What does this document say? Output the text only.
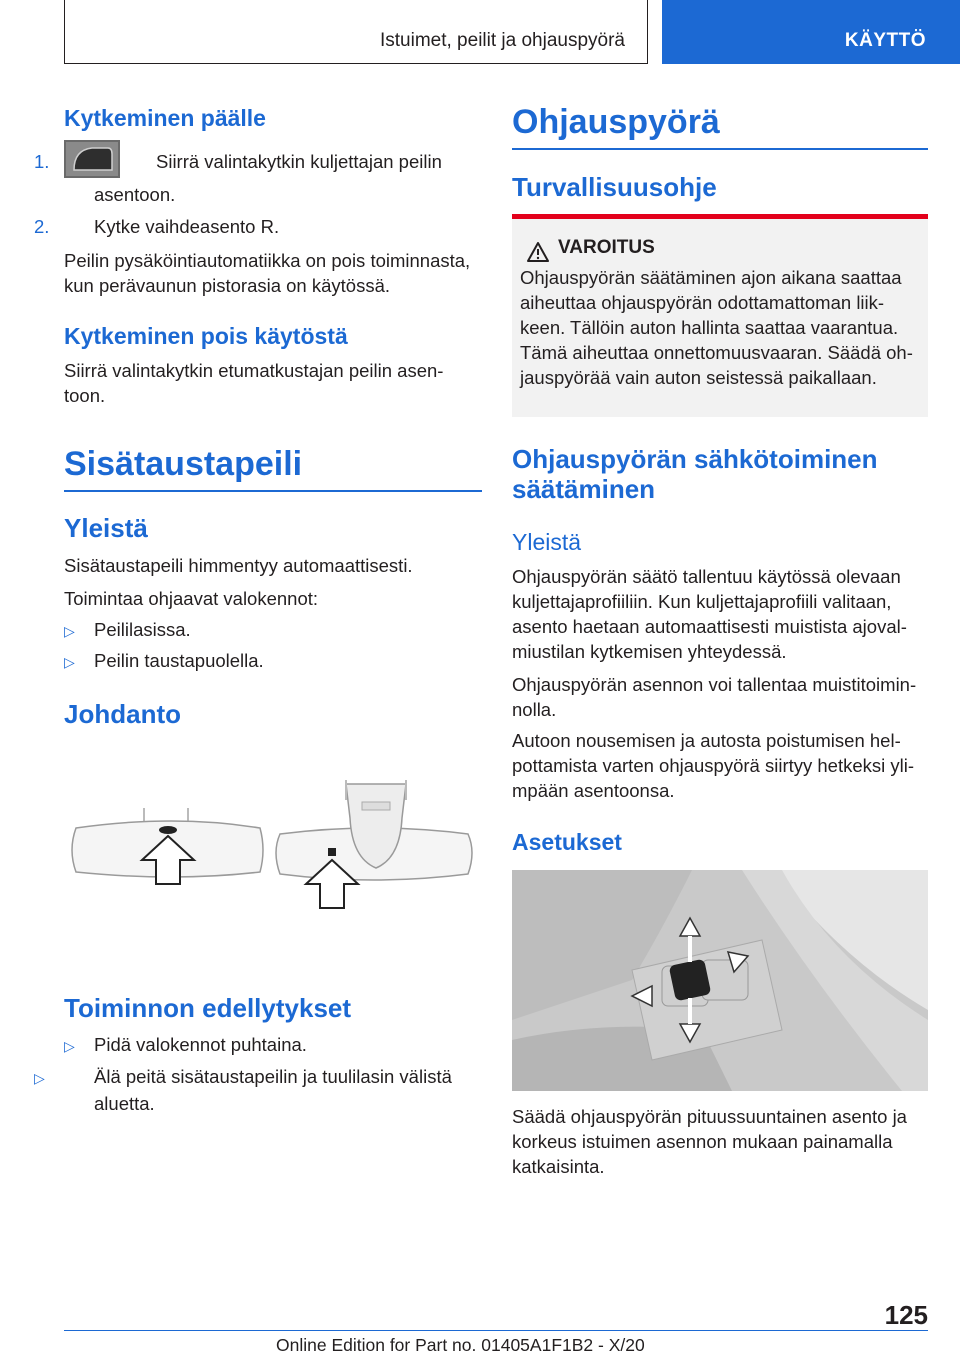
Istuimet, peilit ja ohjauspyörä	KÄYTTÖ
Kytkeminen päälle
1.	Siirrä valintakytkin kuljettajan peilin asentoon.
2. Kytke vaihdeasento R.
Peilin pysäköintiautomatiikka on pois toiminnasta, kun perävaunun pistorasia on käytössä.
Kytkeminen pois käytöstä
Siirrä valintakytkin etumatkustajan peilin asen-toon.
Sisätaustapeili
Yleistä
Sisätaustapeili himmentyy automaattisesti.
Toimintaa ohjaavat valokennot:
▷ Peililasissa.
▷ Peilin taustapuolella.
Johdanto
Toiminnon edellytykset
▷ Pidä valokennot puhtaina.
▷	Älä peitä sisätaustapeilin ja tuulilasin välistä aluetta.
Ohjauspyörä
Turvallisuusohje
VAROITUS
Ohjauspyörän säätäminen ajon aikana saattaa aiheuttaa ohjauspyörän odottamattoman liik-keen. Tällöin auton hallinta saattaa vaarantua. Tämä aiheuttaa onnettomuusvaaran. Säädä oh-jauspyörää vain auton seistessä paikallaan.
Ohjauspyörän sähkötoiminen säätäminen
Yleistä
Ohjauspyörän säätö tallentuu käytössä olevaan kuljettajaprofiiliin. Kun kuljettajaprofiili valitaan, asento haetaan automaattisesti muistista ajoval-miustilan kytkemisen yhteydessä.
Ohjauspyörän asennon voi tallentaa muistitoimin-nolla.
Autoon nousemisen ja autosta poistumisen hel-pottamista varten ohjauspyörä siirtyy hetkeksi yli-mpään asentoonsa.
Asetukset
Säädä ohjauspyörän pituussuuntainen asento ja korkeus istuimen asennon mukaan painamalla katkaisinta.
125
Online Edition for Part no. 01405A1F1B2 - X/20
